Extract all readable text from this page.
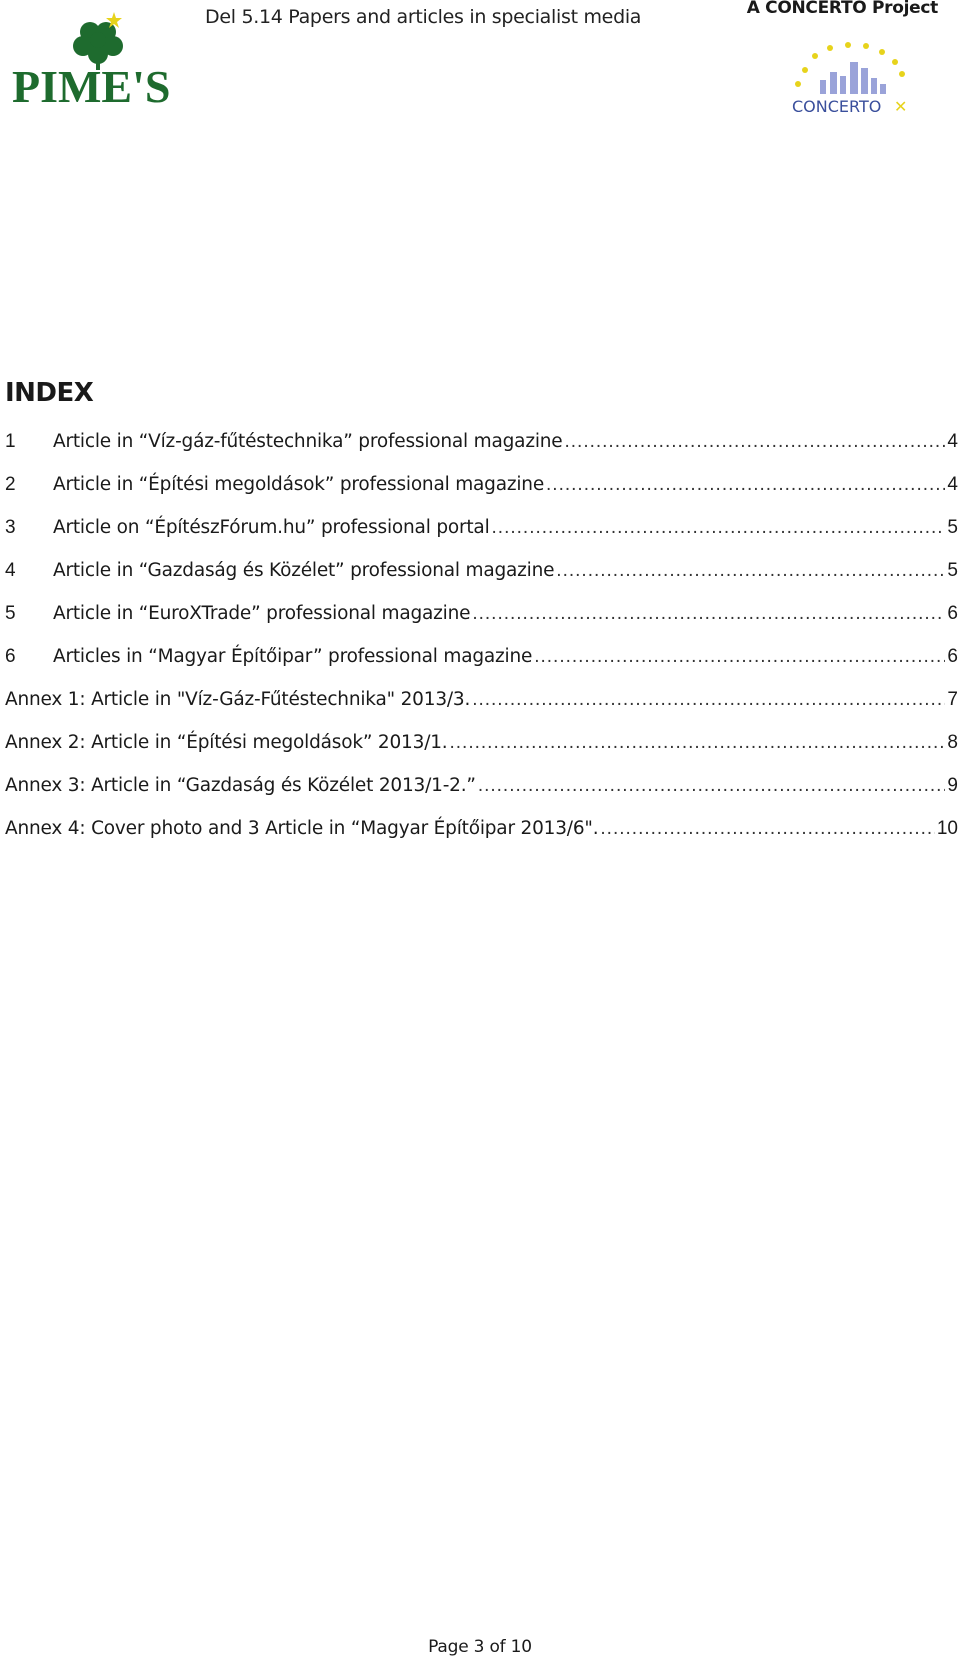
PIME'S
Del 5.14 Papers and articles in specialist media	A CONCERTO Project
CONCERTO ✕
INDEX
1	Article in “Víz-gáz-fűtéstechnika” professional magazine .....	4
2	Article in “Építési megoldások” professional magazine .....	4
3	Article on “ÉpítészFórum.hu” professional portal .....	5
4	Article in “Gazdaság és Közélet” professional magazine .....	5
5	Article in “EuroXTrade” professional magazine .....	6
6	Articles in “Magyar Építőipar” professional magazine .....	6
Annex 1: Article in "Víz-Gáz-Fűtéstechnika" 2013/3. .....	7
Annex 2: Article in “Építési megoldások” 2013/1. .....	8
Annex 3: Article in “Gazdaság és Közélet 2013/1-2.” .....	9
Annex 4: Cover photo and 3 Article in “Magyar Építőipar 2013/6". .....	10
Page 3 of 10
